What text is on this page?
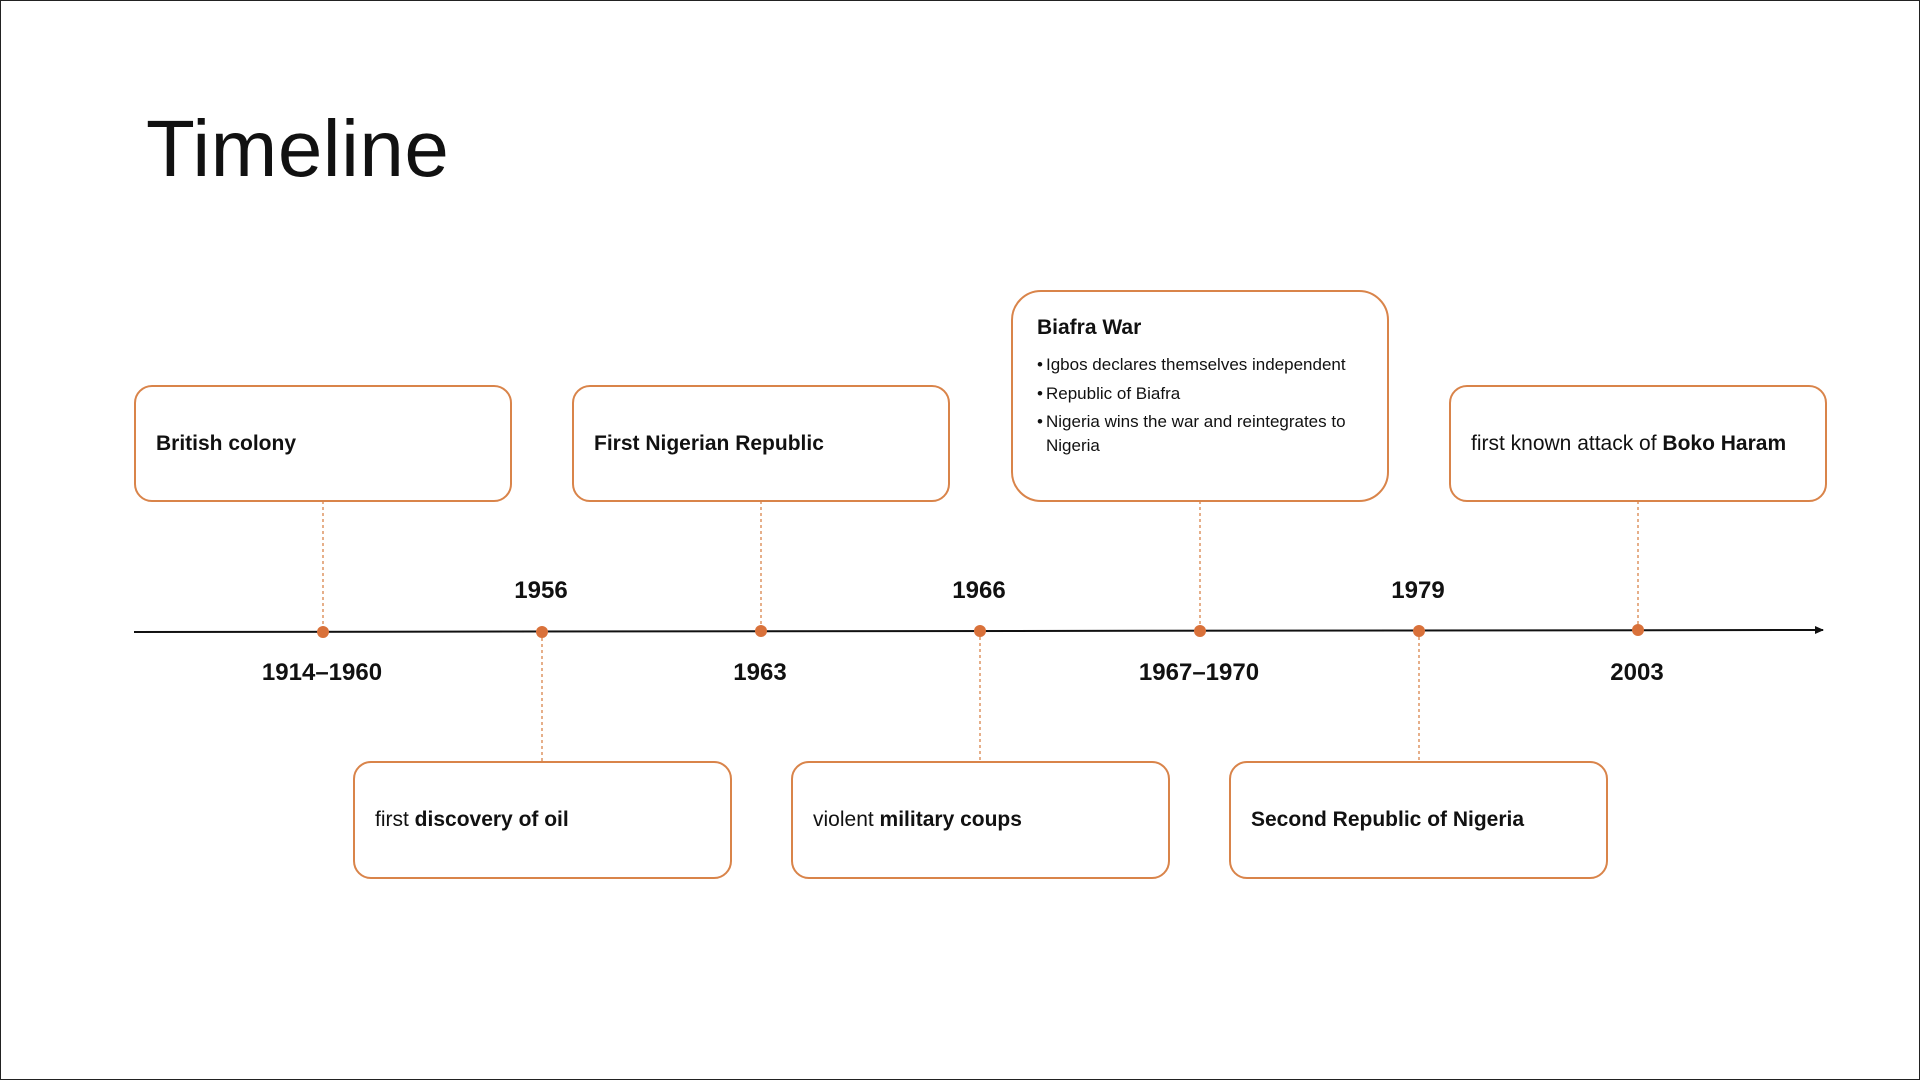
Timeline
1914–1960
1956
1963
1966
1967–1970
1979
2003
British colony	First Nigerian Republic
Biafra War
• Igbos declares themselves independent
• Republic of Biafra
• Nigeria wins the war and reintegrates to Nigeria	first known attack of Boko Haram
first discovery of oil	violent military coups	Second Republic of Nigeria
